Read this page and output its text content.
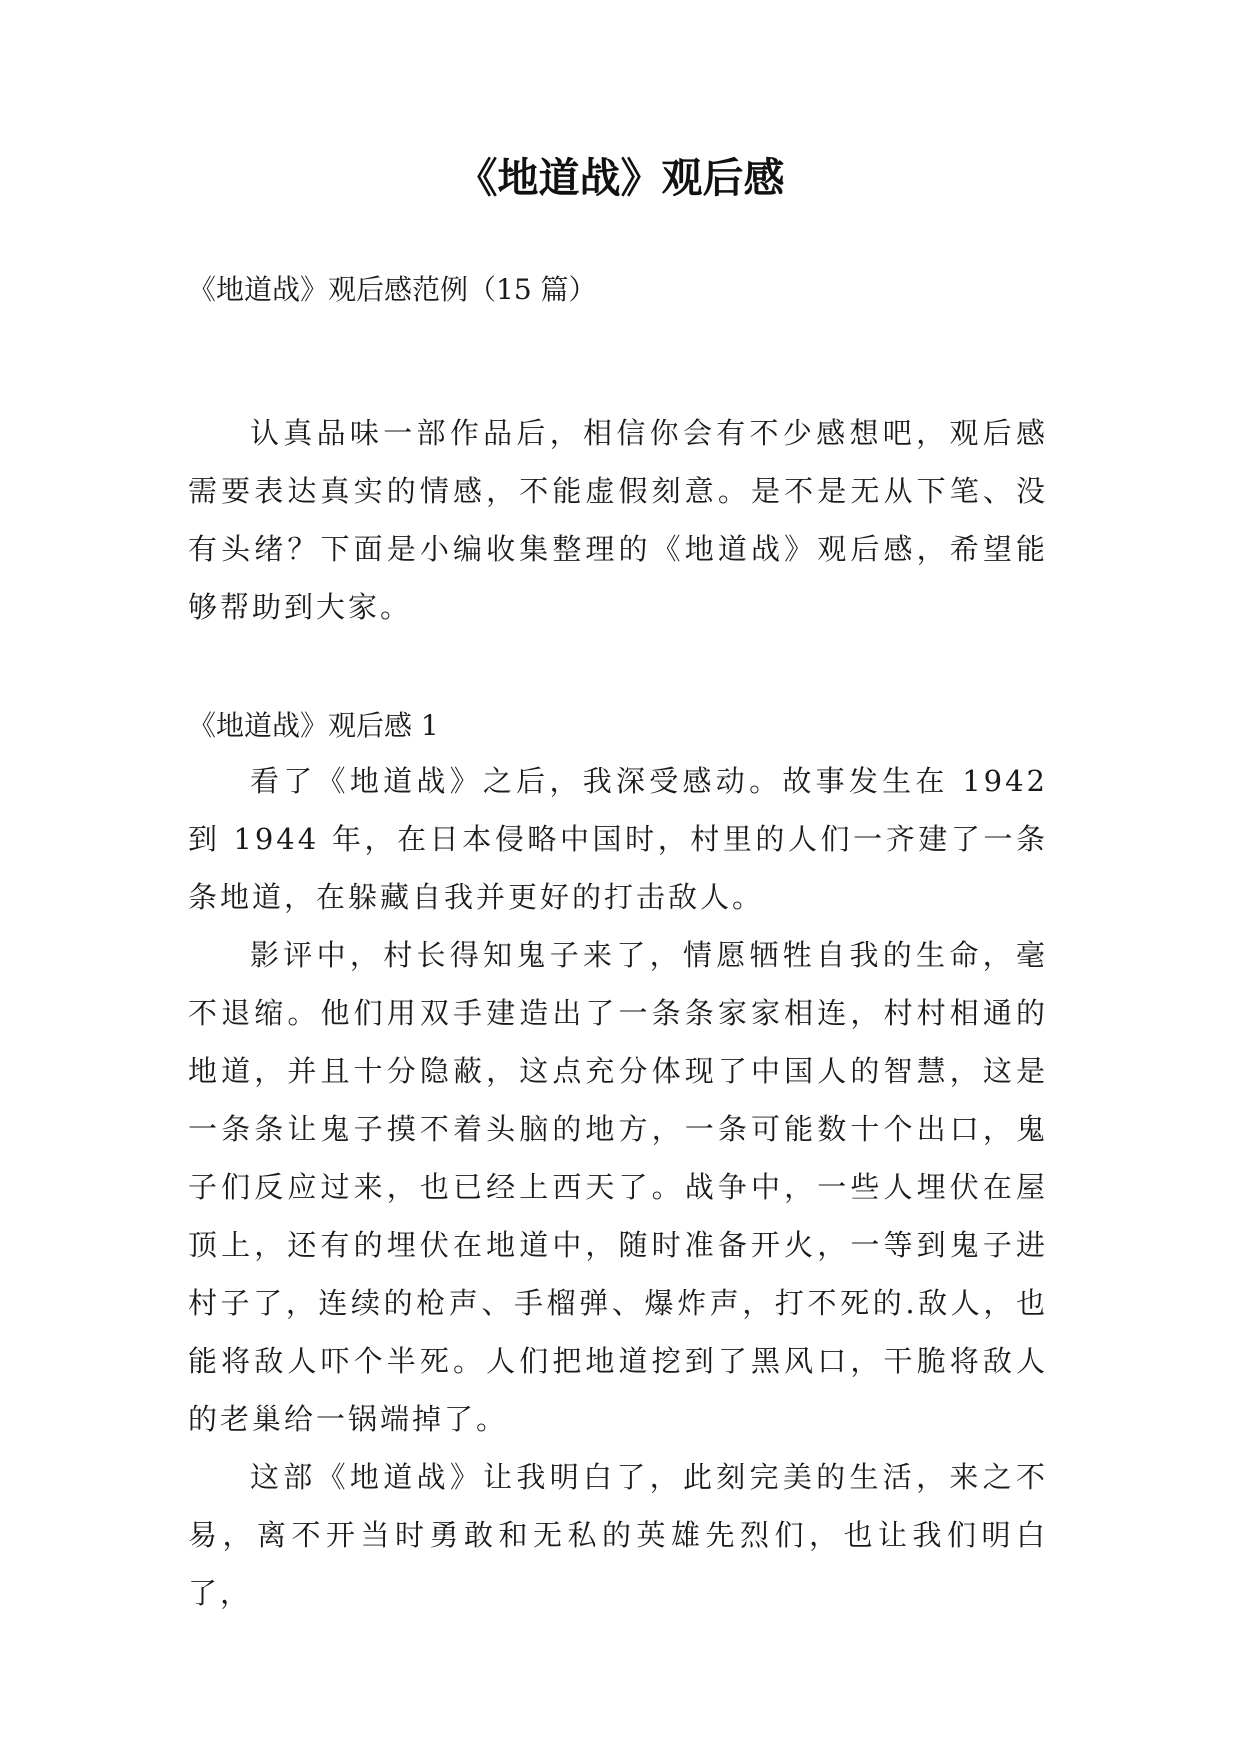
《地道战》观后感
《地道战》观后感范例（15 篇）

认真品味一部作品后，相信你会有不少感想吧，观后感需要表达真实的情感，不能虚假刻意。是不是无从下笔、没有头绪？下面是小编收集整理的《地道战》观后感，希望能够帮助到大家。

《地道战》观后感 1

看了《地道战》之后，我深受感动。故事发生在 1942 到 1944 年，在日本侵略中国时，村里的人们一齐建了一条条地道，在躲藏自我并更好的打击敌人。

影评中，村长得知鬼子来了，情愿牺牲自我的生命，毫不退缩。他们用双手建造出了一条条家家相连，村村相通的地道，并且十分隐蔽，这点充分体现了中国人的智慧，这是一条条让鬼子摸不着头脑的地方，一条可能数十个出口，鬼子们反应过来，也已经上西天了。战争中，一些人埋伏在屋顶上，还有的埋伏在地道中，随时准备开火，一等到鬼子进村子了，连续的枪声、手榴弹、爆炸声，打不死的.敌人，也能将敌人吓个半死。人们把地道挖到了黑风口，干脆将敌人的老巢给一锅端掉了。

这部《地道战》让我明白了，此刻完美的生活，来之不易，离不开当时勇敢和无私的英雄先烈们，也让我们明白了，
